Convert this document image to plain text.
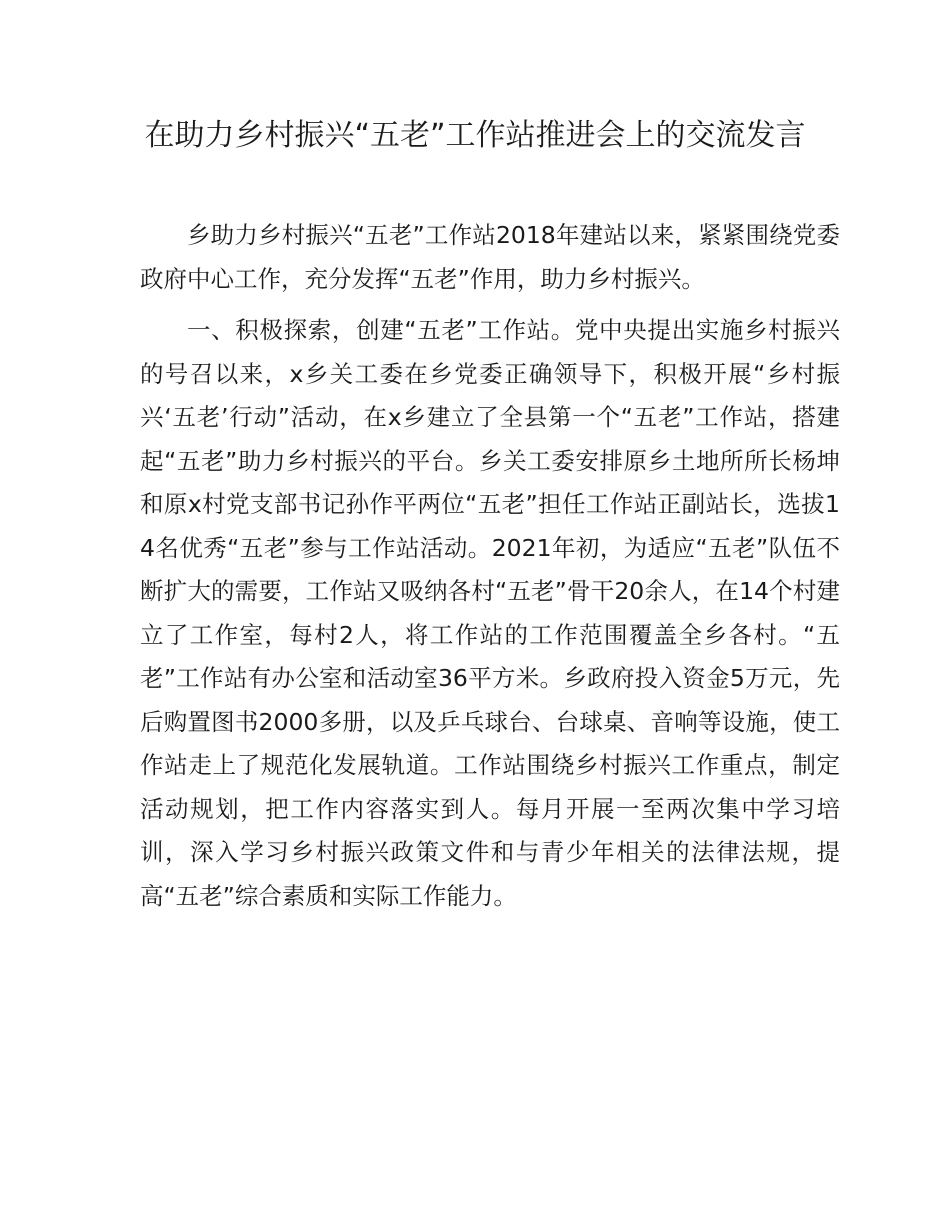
在助力乡村振兴“五老”工作站推进会上的交流发言

乡助力乡村振兴“五老”工作站2018年建站以来，紧紧围绕党委政府中心工作，充分发挥“五老”作用，助力乡村振兴。

一、积极探索，创建“五老”工作站。党中央提出实施乡村振兴的号召以来，x乡关工委在乡党委正确领导下，积极开展“乡村振兴‘五老’行动”活动，在x乡建立了全县第一个“五老”工作站，搭建起“五老”助力乡村振兴的平台。乡关工委安排原乡土地所所长杨坤和原x村党支部书记孙作平两位“五老”担任工作站正副站长，选拔14名优秀“五老”参与工作站活动。2021年初，为适应“五老”队伍不断扩大的需要，工作站又吸纳各村“五老”骨干20余人，在14个村建立了工作室，每村2人，将工作站的工作范围覆盖全乡各村。“五老”工作站有办公室和活动室36平方米。乡政府投入资金5万元，先后购置图书2000多册，以及乒乓球台、台球桌、音响等设施，使工作站走上了规范化发展轨道。工作站围绕乡村振兴工作重点，制定活动规划，把工作内容落实到人。每月开展一至两次集中学习培训，深入学习乡村振兴政策文件和与青少年相关的法律法规，提高“五老”综合素质和实际工作能力。
